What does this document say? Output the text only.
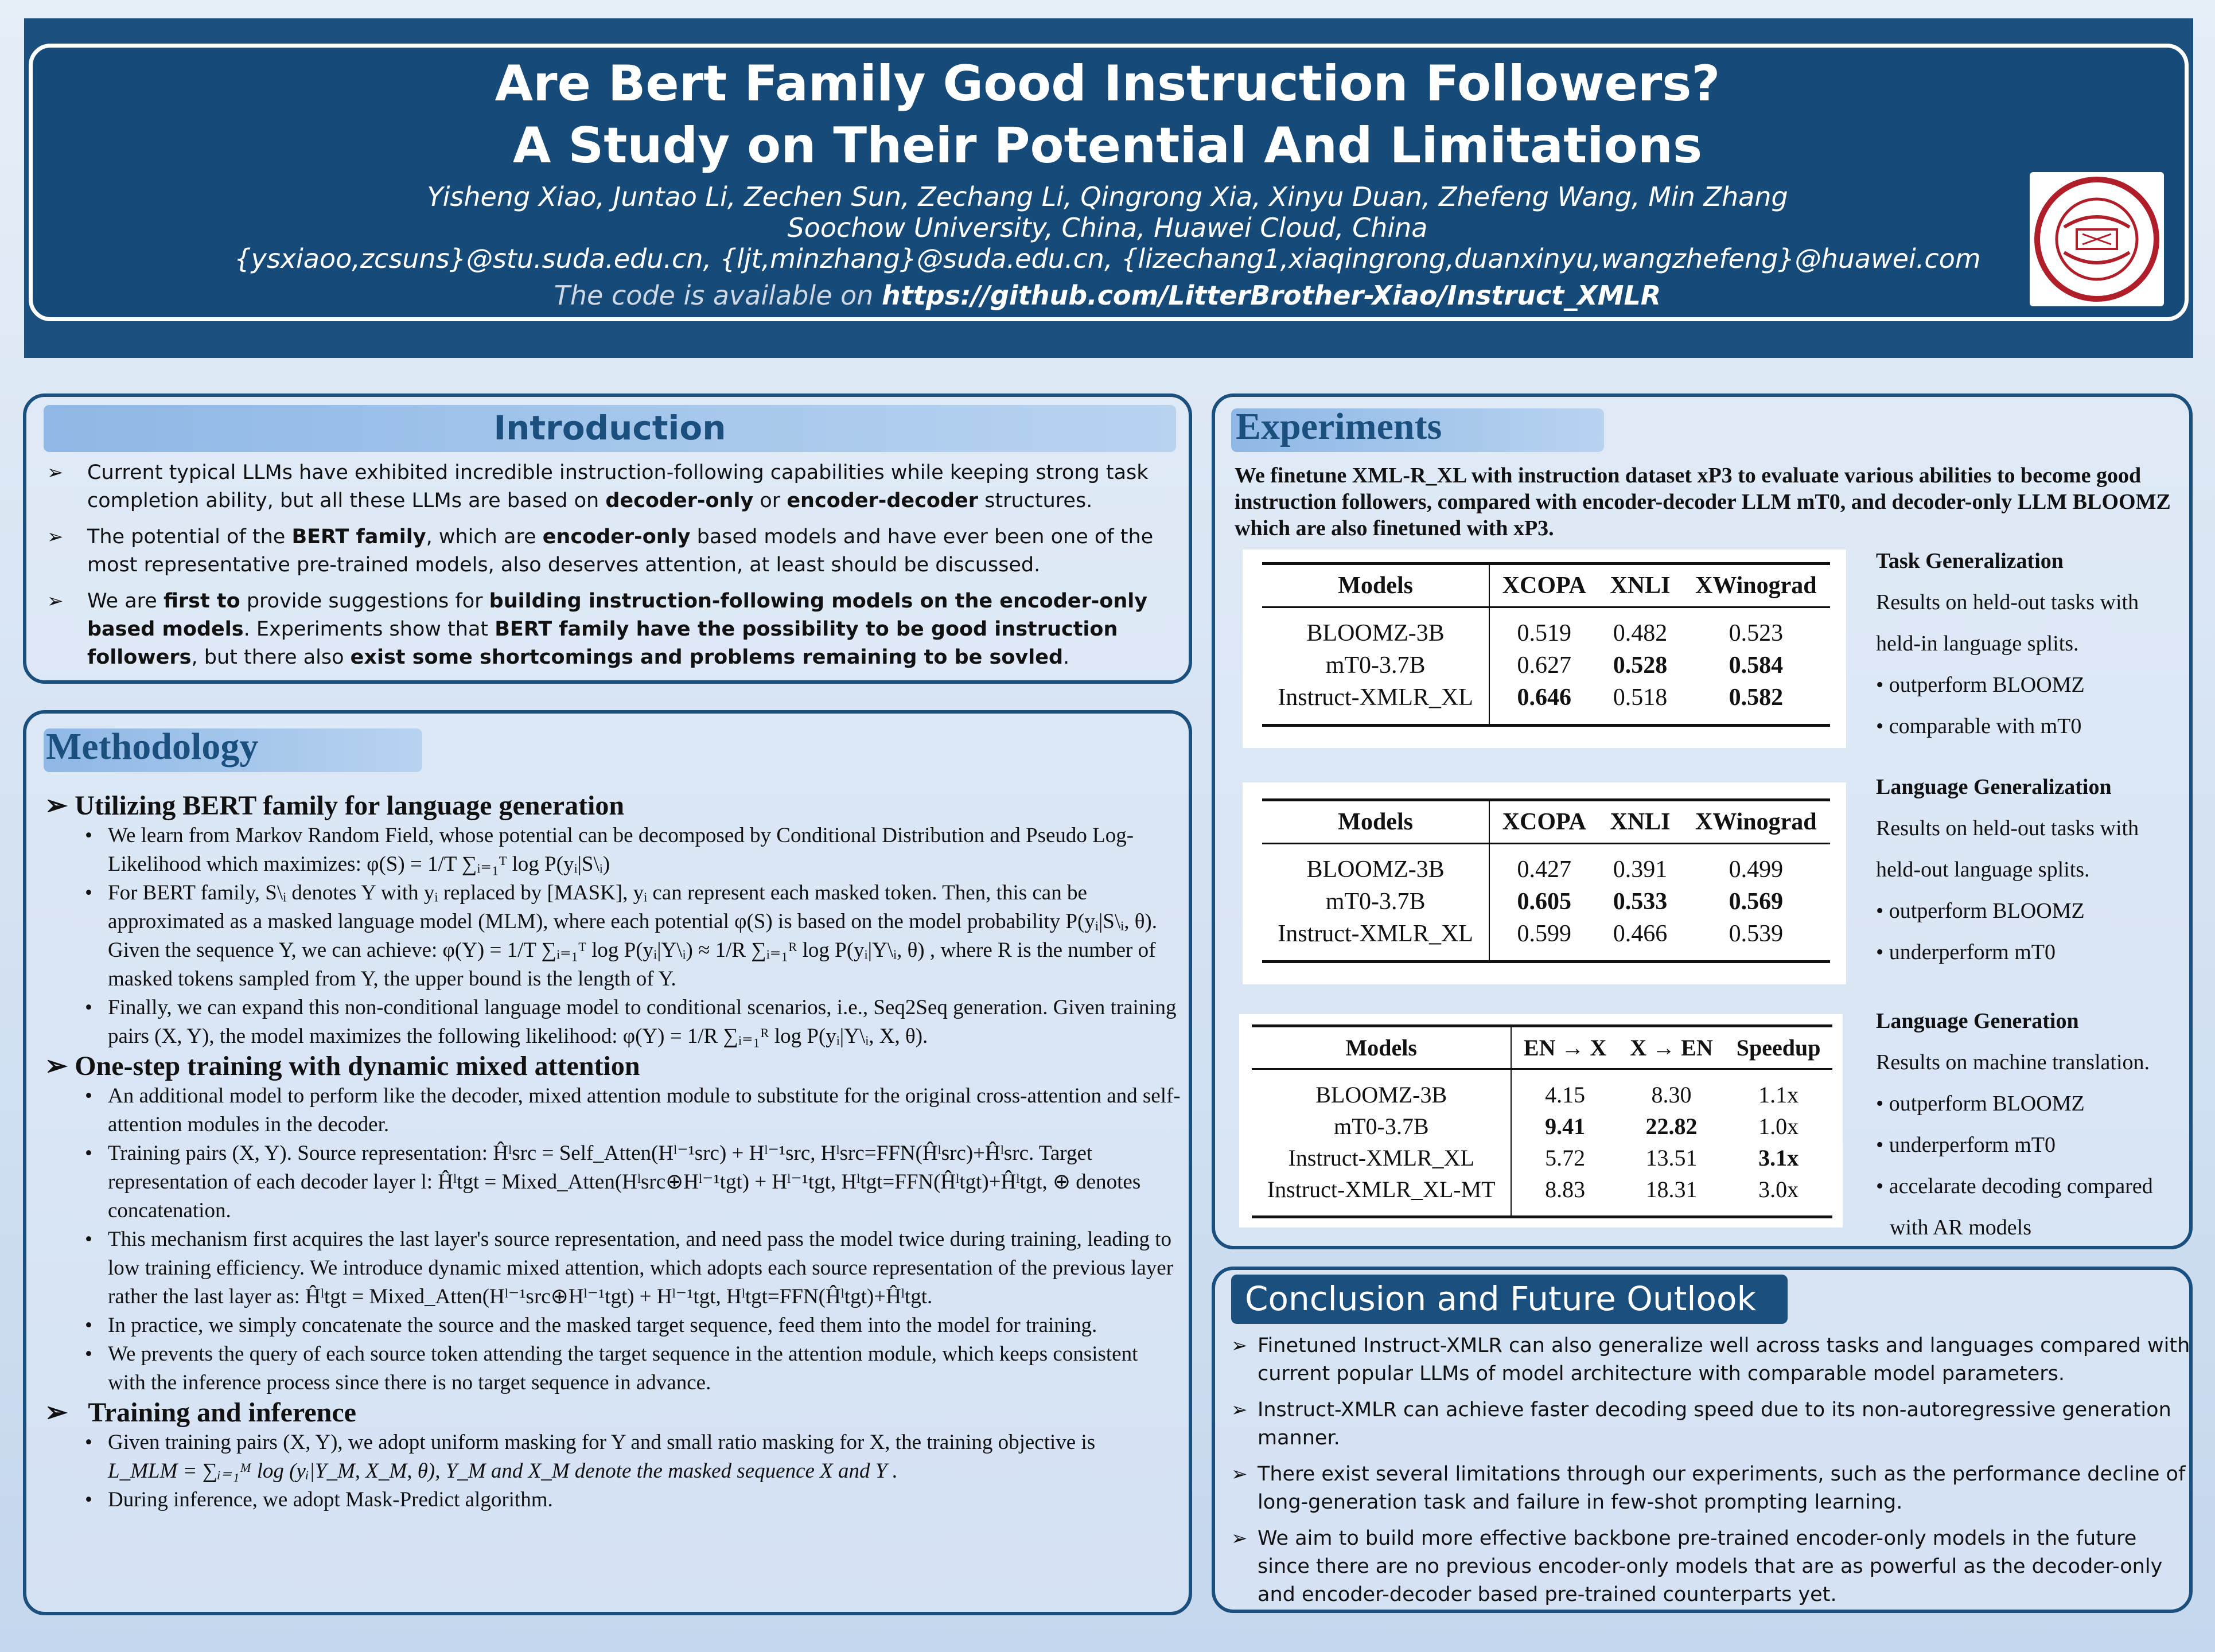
Are Bert Family Good Instruction Followers?
A Study on Their Potential And Limitations
Yisheng Xiao, Juntao Li, Zechen Sun, Zechang Li, Qingrong Xia, Xinyu Duan, Zhefeng Wang, Min Zhang
Soochow University, China, Huawei Cloud, China
{ysxiaoo,zcsuns}@stu.suda.edu.cn, {ljt,minzhang}@suda.edu.cn, {lizechang1,xiaqingrong,duanxinyu,wangzhefeng}@huawei.com
The code is available on https://github.com/LitterBrother-Xiao/Instruct_XMLR
Introduction
➢ Current typical LLMs have exhibited incredible instruction-following capabilities while keeping strong task completion ability, but all these LLMs are based on decoder-only or encoder-decoder structures.
➢ The potential of the BERT family, which are encoder-only based models and have ever been one of the most representative pre-trained models, also deserves attention, at least should be discussed.
➢ We are first to provide suggestions for building instruction-following models on the encoder-only based models. Experiments show that BERT family have the possibility to be good instruction followers, but there also exist some shortcomings and problems remaining to be sovled.
Methodology
➢ Utilizing BERT family for language generation
• We learn from Markov Random Field, whose potential can be decomposed by Conditional Distribution and Pseudo Log-Likelihood which maximizes: φ(S) = 1/T ∑ᵢ₌₁ᵀ log P(yᵢ|S\ᵢ)
• For BERT family, S\ᵢ denotes Y with yᵢ replaced by [MASK], yᵢ can represent each masked token. Then, this can be approximated as a masked language model (MLM), where each potential φ(S) is based on the model probability P(yᵢ|S\ᵢ, θ). Given the sequence Y, we can achieve: φ(Y) = 1/T ∑ᵢ₌₁ᵀ log P(yᵢ|Y\ᵢ) ≈ 1/R ∑ᵢ₌₁ᴿ log P(yᵢ|Y\ᵢ, θ) , where R is the number of masked tokens sampled from Y, the upper bound is the length of Y.
• Finally, we can expand this non-conditional language model to conditional scenarios, i.e., Seq2Seq generation. Given training pairs (X, Y), the model maximizes the following likelihood: φ(Y) = 1/R ∑ᵢ₌₁ᴿ log P(yᵢ|Y\ᵢ, X, θ).
➢ One-step training with dynamic mixed attention
• An additional model to perform like the decoder, mixed attention module to substitute for the original cross-attention and self-attention modules in the decoder.
• Training pairs (X, Y). Source representation: Ĥˡsrc = Self_Atten(Hˡ⁻¹src) + Hˡ⁻¹src, Hˡsrc=FFN(Ĥˡsrc)+Ĥˡsrc. Target representation of each decoder layer l: Ĥˡtgt = Mixed_Atten(Hˡsrc⊕Hˡ⁻¹tgt) + Hˡ⁻¹tgt, Hˡtgt=FFN(Ĥˡtgt)+Ĥˡtgt, ⊕ denotes concatenation.
• This mechanism first acquires the last layer's source representation, and need pass the model twice during training, leading to low training efficiency. We introduce dynamic mixed attention, which adopts each source representation of the previous layer rather the last layer as: Ĥˡtgt = Mixed_Atten(Hˡ⁻¹src⊕Hˡ⁻¹tgt) + Hˡ⁻¹tgt, Hˡtgt=FFN(Ĥˡtgt)+Ĥˡtgt.
• In practice, we simply concatenate the source and the masked target sequence, feed them into the model for training.
• We prevents the query of each source token attending the target sequence in the attention module, which keeps consistent with the inference process since there is no target sequence in advance.
➢   Training and inference
• Given training pairs (X, Y), we adopt uniform masking for Y and small ratio masking for X, the training objective is
L_MLM = ∑ᵢ₌₁ᴹ log (yᵢ|Y_M, X_M, θ), Y_M and X_M denote the masked sequence X and Y .
• During inference, we adopt Mask-Predict algorithm.
Experiments
We finetune XML-R_XL with instruction dataset xP3 to evaluate various abilities to become good instruction followers, compared with encoder-decoder LLM mT0, and decoder-only LLM BLOOMZ which are also finetuned with xP3.
Models	XCOPA	XNLI	XWinograd
BLOOMZ-3B	0.519	0.482	0.523
mT0-3.7B	0.627	0.528	0.584
Instruct-XMLR_XL	0.646	0.518	0.582
Task Generalization
Results on held-out tasks with
held-in language splits.
• outperform BLOOMZ
• comparable with mT0
Models	XCOPA	XNLI	XWinograd
BLOOMZ-3B	0.427	0.391	0.499
mT0-3.7B	0.605	0.533	0.569
Instruct-XMLR_XL	0.599	0.466	0.539
Language Generalization
Results on held-out tasks with
held-out language splits.
• outperform BLOOMZ
• underperform mT0
Models	EN → X	X → EN	Speedup
BLOOMZ-3B	4.15	8.30	1.1x
mT0-3.7B	9.41	22.82	1.0x
Instruct-XMLR_XL	5.72	13.51	3.1x
Instruct-XMLR_XL-MT	8.83	18.31	3.0x
Language Generation
Results on machine translation.
• outperform BLOOMZ
• underperform mT0
• accelarate decoding compared
with AR models
Conclusion and Future Outlook
➢ Finetuned Instruct-XMLR can also generalize well across tasks and languages compared with current popular LLMs of model architecture with comparable model parameters.
➢ Instruct-XMLR can achieve faster decoding speed due to its non-autoregressive generation manner.
➢ There exist several limitations through our experiments, such as the performance decline of long-generation task and failure in few-shot prompting learning.
➢ We aim to build more effective backbone pre-trained encoder-only models in the future since there are no previous encoder-only models that are as powerful as the decoder-only and encoder-decoder based pre-trained counterparts yet.
